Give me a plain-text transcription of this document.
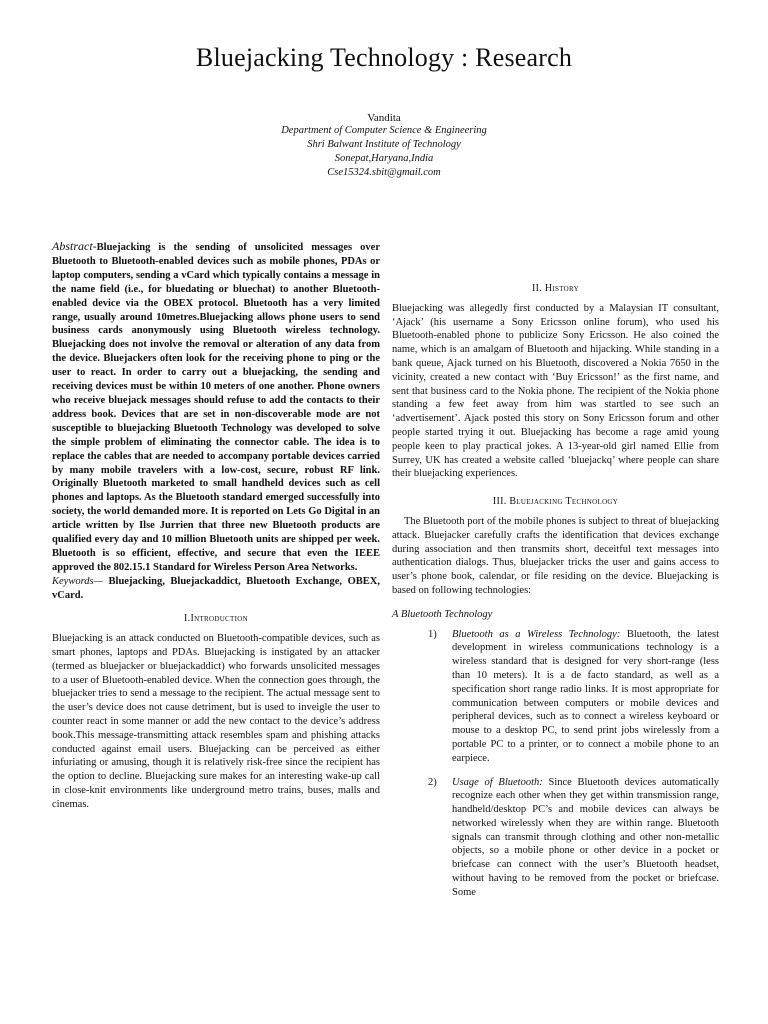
Bluejacking Technology : Research
Vandita
Department of Computer Science & Engineering
Shri Balwant Institute of Technology
Sonepat,Haryana,India
Cse15324.sbit@gmail.com

Abstract-Bluejacking is the sending of unsolicited messages over Bluetooth to Bluetooth-enabled devices such as mobile phones, PDAs or laptop computers, sending a vCard which typically contains a message in the name field (i.e., for bluedating or bluechat) to another Bluetooth-enabled device via the OBEX protocol. Bluetooth has a very limited range, usually around 10metres.Bluejacking allows phone users to send business cards anonymously using Bluetooth wireless technology. Bluejacking does not involve the removal or alteration of any data from the device. Bluejackers often look for the receiving phone to ping or the user to react. In order to carry out a bluejacking, the sending and receiving devices must be within 10 meters of one another. Phone owners who receive bluejack messages should refuse to add the contacts to their address book. Devices that are set in non-discoverable mode are not susceptible to bluejacking Bluetooth Technology was developed to solve the simple problem of eliminating the connector cable. The idea is to replace the cables that are needed to accompany portable devices carried by many mobile travelers with a low-cost, secure, robust RF link. Originally Bluetooth marketed to small handheld devices such as cell phones and laptops. As the Bluetooth standard emerged successfully into society, the world demanded more. It is reported on Lets Go Digital in an article written by Ilse Jurrien that three new Bluetooth products are qualified every day and 10 million Bluetooth units are shipped per week. Bluetooth is so efficient, effective, and secure that even the IEEE approved the 802.15.1 Standard for Wireless Person Area Networks.

Keywords— Bluejacking, Bluejackaddict, Bluetooth Exchange, OBEX, vCard.

I.Introduction

Bluejacking is an attack conducted on Bluetooth-compatible devices, such as smart phones, laptops and PDAs. Bluejacking is instigated by an attacker (termed as bluejacker or bluejackaddict) who forwards unsolicited messages to a user of Bluetooth-enabled device. When the connection goes through, the bluejacker tries to send a message to the recipient. The actual message sent to the user’s device does not cause detriment, but is used to inveigle the user to counter react in some manner or add the new contact to the device’s address book.This message-transmitting attack resembles spam and phishing attacks conducted against email users. Bluejacking can be perceived as either infuriating or amusing, though it is relatively risk-free since the recipient has the option to decline. Bluejacking sure makes for an interesting wake-up call in close-knit environments like underground metro trains, buses, malls and cinemas.

II. History

Bluejacking was allegedly first conducted by a Malaysian IT consultant, ‘Ajack’ (his username a Sony Ericsson online forum), who used his Bluetooth-enabled phone to publicize Sony Ericsson. He also coined the name, which is an amalgam of Bluetooth and hijacking. While standing in a bank queue, Ajack turned on his Bluetooth, discovered a Nokia 7650 in the vicinity, created a new contact with ‘Buy Ericsson!’ as the first name, and sent that business card to the Nokia phone. The recipient of the Nokia phone standing a few feet away from him was startled to see such an ‘advertisement’. Ajack posted this story on Sony Ericsson forum and other people started trying it out. Bluejacking has become a rage amid young people keen to play practical jokes. A 13-year-old girl named Ellie from Surrey, UK has created a website called ‘bluejackq’ where people can share their bluejacking experiences.

III. Bluejacking Technology

The Bluetooth port of the mobile phones is subject to threat of bluejacking attack. Bluejacker carefully crafts the identification that devices exchange during association and then transmits short, deceitful text messages into authentication dialogs. Thus, bluejacker tricks the user and gains access to user’s phone book, calendar, or file residing on the device. Bluejacking is based on following technologies:

A Bluetooth Technology
1)	Bluetooth as a Wireless Technology: Bluetooth, the latest development in wireless communications technology is a wireless standard that is designed for very short-range (less than 10 meters). It is a de facto standard, as well as a specification short range radio links. It is most appropriate for communication between computers or mobile devices and peripheral devices, such as to connect a wireless keyboard or mouse to a desktop PC, to send print jobs wirelessly from a portable PC to a printer, or to connect a mobile phone to an earpiece.
2)	Usage of Bluetooth: Since Bluetooth devices automatically recognize each other when they get within transmission range, handheld/desktop PC’s and mobile devices can always be networked wirelessly when they are within range. Bluetooth signals can transmit through clothing and other non-metallic objects, so a mobile phone or other device in a pocket or briefcase can connect with the user’s Bluetooth headset, without having to be removed from the pocket or briefcase. Some
